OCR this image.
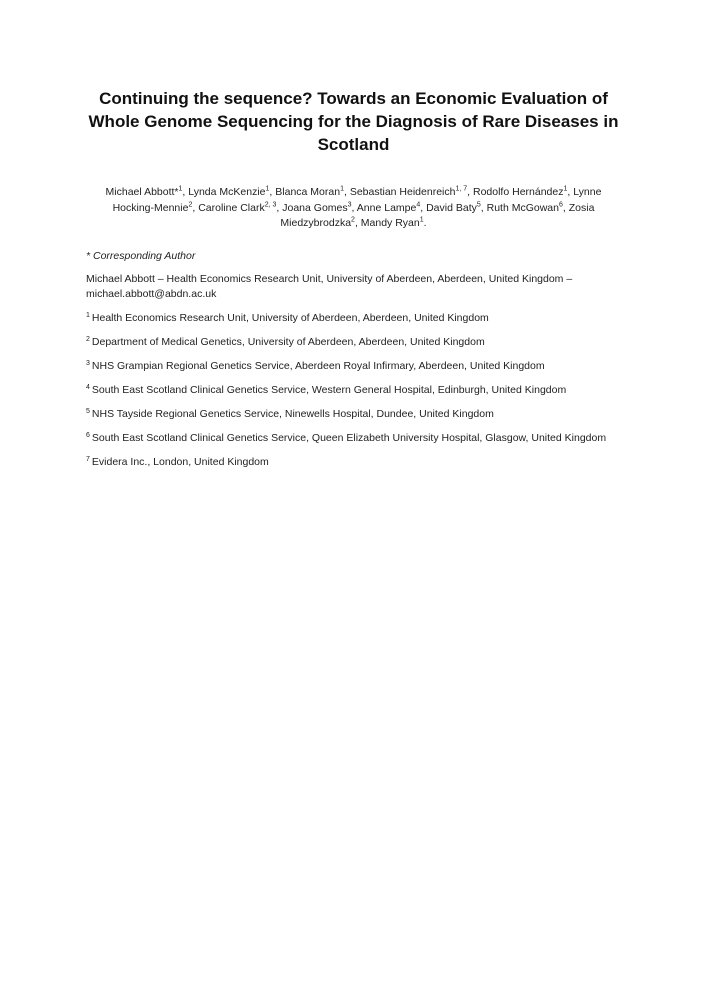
Continuing the sequence? Towards an Economic Evaluation of
Whole Genome Sequencing for the Diagnosis of Rare Diseases in
Scotland
Michael Abbott*$^1$, Lynda McKenzie$^1$, Blanca Moran$^1$, Sebastian Heidenreich$^{1, 7}$, Rodolfo Hernández$^1$, Lynne Hocking-Mennie$^2$, Caroline Clark$^{2, 3}$, Joana Gomes$^3$, Anne Lampe$^4$, David Baty$^5$, Ruth McGowan$^6$, Zosia Miedzybrodzka$^2$, Mandy Ryan$^1$.
* Corresponding Author
Michael Abbott – Health Economics Research Unit, University of Aberdeen, Aberdeen, United Kingdom – michael.abbott@abdn.ac.uk
$^1$ Health Economics Research Unit, University of Aberdeen, Aberdeen, United Kingdom
$^2$ Department of Medical Genetics, University of Aberdeen, Aberdeen, United Kingdom
$^3$ NHS Grampian Regional Genetics Service, Aberdeen Royal Infirmary, Aberdeen, United Kingdom
$^4$ South East Scotland Clinical Genetics Service, Western General Hospital, Edinburgh, United Kingdom
$^5$ NHS Tayside Regional Genetics Service, Ninewells Hospital, Dundee, United Kingdom
$^6$ South East Scotland Clinical Genetics Service, Queen Elizabeth University Hospital, Glasgow, United Kingdom
$^7$ Evidera Inc., London, United Kingdom
